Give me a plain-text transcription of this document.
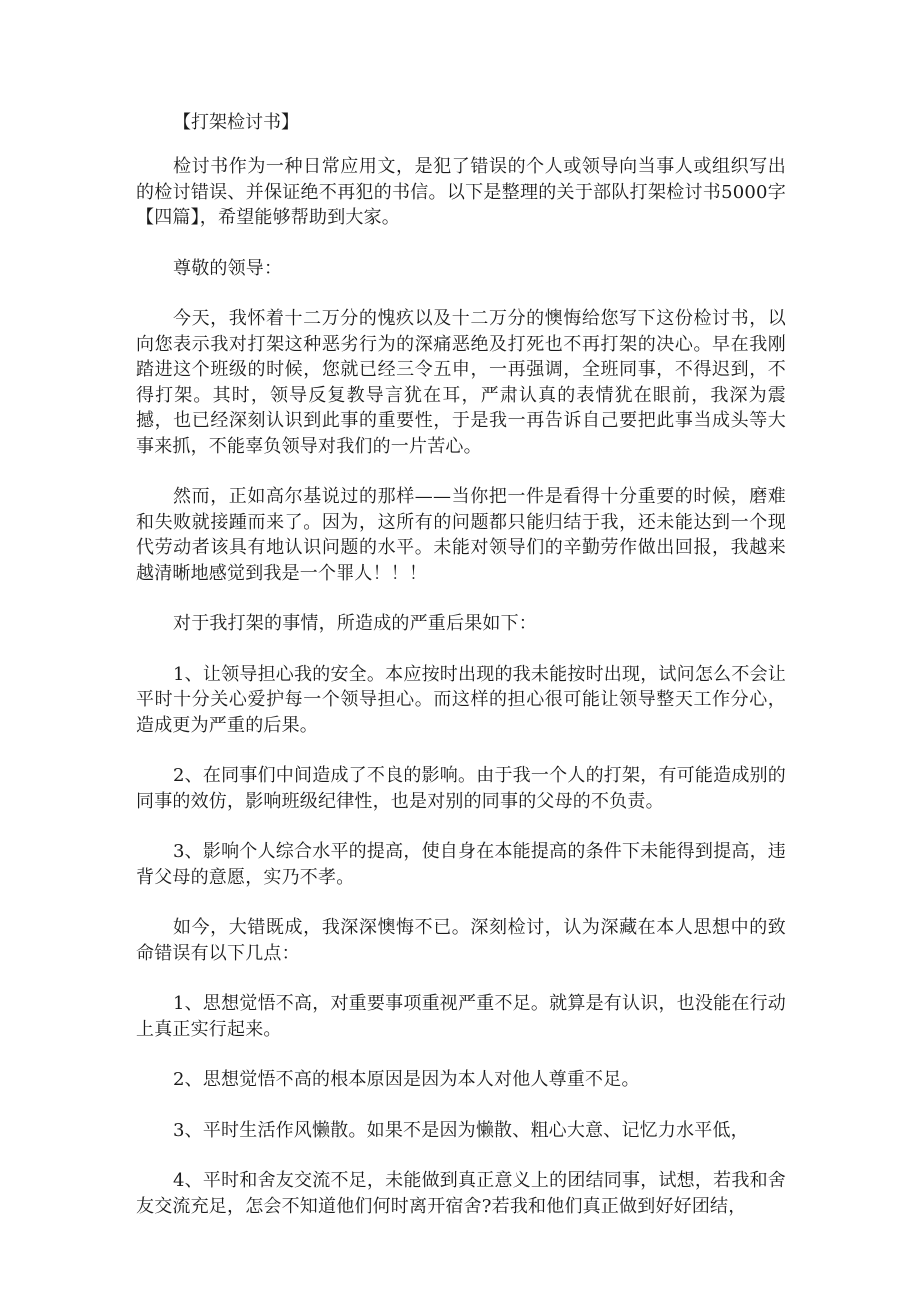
【打架检讨书】

检讨书作为一种日常应用文，是犯了错误的个人或领导向当事人或组织写出的检讨错误、并保证绝不再犯的书信。以下是整理的关于部队打架检讨书5000字【四篇】，希望能够帮助到大家。

尊敬的领导：

今天，我怀着十二万分的愧疚以及十二万分的懊悔给您写下这份检讨书，以向您表示我对打架这种恶劣行为的深痛恶绝及打死也不再打架的决心。早在我刚踏进这个班级的时候，您就已经三令五申，一再强调，全班同事，不得迟到，不得打架。其时，领导反复教导言犹在耳，严肃认真的表情犹在眼前，我深为震撼，也已经深刻认识到此事的重要性，于是我一再告诉自己要把此事当成头等大事来抓，不能辜负领导对我们的一片苦心。

然而，正如高尔基说过的那样——当你把一件是看得十分重要的时候，磨难和失败就接踵而来了。因为，这所有的问题都只能归结于我，还未能达到一个现代劳动者该具有地认识问题的水平。未能对领导们的辛勤劳作做出回报，我越来越清晰地感觉到我是一个罪人！！！

对于我打架的事情，所造成的严重后果如下：

1、让领导担心我的安全。本应按时出现的我未能按时出现，试问怎么不会让平时十分关心爱护每一个领导担心。而这样的担心很可能让领导整天工作分心，造成更为严重的后果。

2、在同事们中间造成了不良的影响。由于我一个人的打架，有可能造成别的同事的效仿，影响班级纪律性，也是对别的同事的父母的不负责。

3、影响个人综合水平的提高，使自身在本能提高的条件下未能得到提高，违背父母的意愿，实乃不孝。

如今，大错既成，我深深懊悔不已。深刻检讨，认为深藏在本人思想中的致命错误有以下几点：

1、思想觉悟不高，对重要事项重视严重不足。就算是有认识，也没能在行动上真正实行起来。

2、思想觉悟不高的根本原因是因为本人对他人尊重不足。

3、平时生活作风懒散。如果不是因为懒散、粗心大意、记忆力水平低，

4、平时和舍友交流不足，未能做到真正意义上的团结同事，试想，若我和舍友交流充足，怎会不知道他们何时离开宿舍?若我和他们真正做到好好团结，
